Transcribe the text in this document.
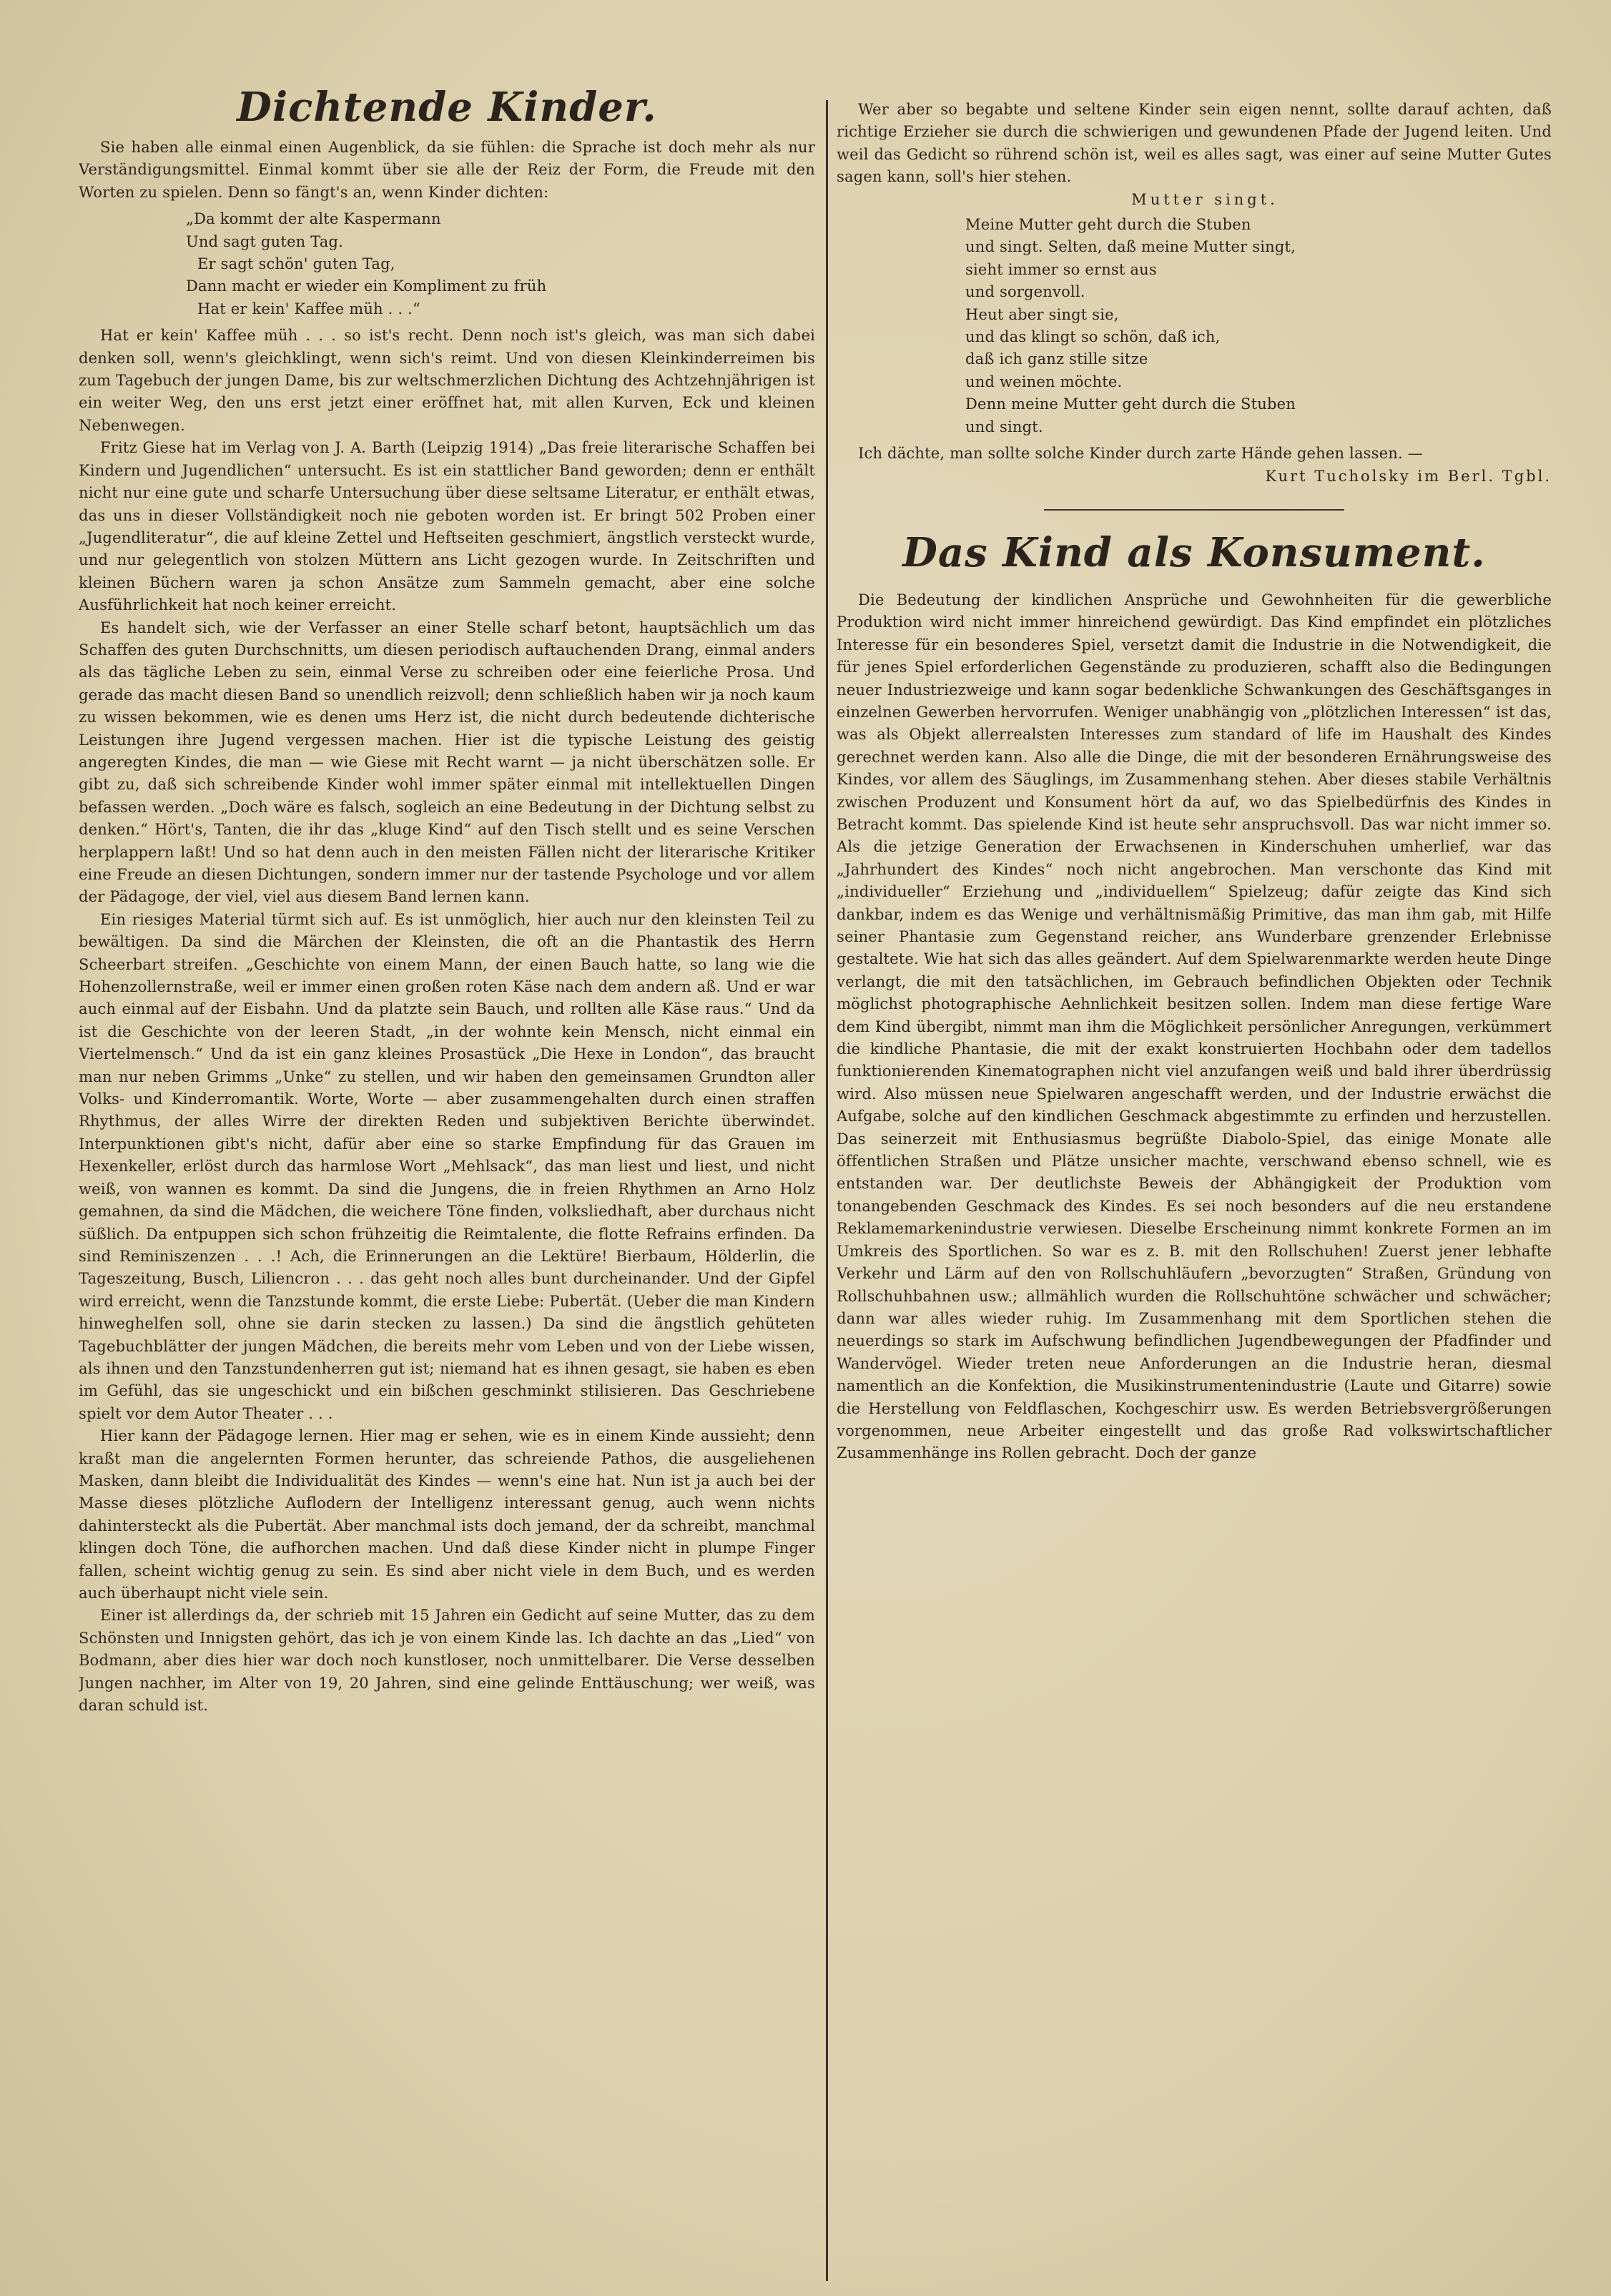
Dichtende Kinder.

Sie haben alle einmal einen Augenblick, da sie fühlen: die Sprache ist doch mehr als nur Verständigungsmittel. Einmal kommt über sie alle der Reiz der Form, die Freude mit den Worten zu spielen. Denn so fängt's an, wenn Kinder dichten:

„Da kommt der alte Kaspermann
Und sagt guten Tag.
Er sagt schön' guten Tag,
Dann macht er wieder ein Kompliment zu früh
Hat er kein' Kaffee müh . . .“

Hat er kein' Kaffee müh . . . so ist's recht. Denn noch ist's gleich, was man sich dabei denken soll, wenn's gleichklingt, wenn sich's reimt. Und von diesen Kleinkinderreimen bis zum Tagebuch der jungen Dame, bis zur weltschmerzlichen Dichtung des Achtzehnjährigen ist ein weiter Weg, den uns erst jetzt einer eröffnet hat, mit allen Kurven, Eck und kleinen Nebenwegen.

Fritz Giese hat im Verlag von J. A. Barth (Leipzig 1914) „Das freie literarische Schaffen bei Kindern und Jugendlichen“ untersucht. Es ist ein stattlicher Band geworden; denn er enthält nicht nur eine gute und scharfe Untersuchung über diese seltsame Literatur, er enthält etwas, das uns in dieser Vollständigkeit noch nie geboten worden ist. Er bringt 502 Proben einer „Jugendliteratur“, die auf kleine Zettel und Heftseiten geschmiert, ängstlich versteckt wurde, und nur gelegentlich von stolzen Müttern ans Licht gezogen wurde. In Zeitschriften und kleinen Büchern waren ja schon Ansätze zum Sammeln gemacht, aber eine solche Ausführlichkeit hat noch keiner erreicht.

Es handelt sich, wie der Verfasser an einer Stelle scharf betont, hauptsächlich um das Schaffen des guten Durchschnitts, um diesen periodisch auftauchenden Drang, einmal anders als das tägliche Leben zu sein, einmal Verse zu schreiben oder eine feierliche Prosa. Und gerade das macht diesen Band so unendlich reizvoll; denn schließlich haben wir ja noch kaum zu wissen bekommen, wie es denen ums Herz ist, die nicht durch bedeutende dichterische Leistungen ihre Jugend vergessen machen. Hier ist die typische Leistung des geistig angeregten Kindes, die man — wie Giese mit Recht warnt — ja nicht überschätzen solle. Er gibt zu, daß sich schreibende Kinder wohl immer später einmal mit intellektuellen Dingen befassen werden. „Doch wäre es falsch, sogleich an eine Bedeutung in der Dichtung selbst zu denken.“ Hört's, Tanten, die ihr das „kluge Kind“ auf den Tisch stellt und es seine Verschen herplappern laßt! Und so hat denn auch in den meisten Fällen nicht der literarische Kritiker eine Freude an diesen Dichtungen, sondern immer nur der tastende Psychologe und vor allem der Pädagoge, der viel, viel aus diesem Band lernen kann.

Ein riesiges Material türmt sich auf. Es ist unmöglich, hier auch nur den kleinsten Teil zu bewältigen. Da sind die Märchen der Kleinsten, die oft an die Phantastik des Herrn Scheerbart streifen. „Geschichte von einem Mann, der einen Bauch hatte, so lang wie die Hohenzollernstraße, weil er immer einen großen roten Käse nach dem andern aß. Und er war auch einmal auf der Eisbahn. Und da platzte sein Bauch, und rollten alle Käse raus.“ Und da ist die Geschichte von der leeren Stadt, „in der wohnte kein Mensch, nicht einmal ein Viertelmensch.“ Und da ist ein ganz kleines Prosastück „Die Hexe in London“, das braucht man nur neben Grimms „Unke“ zu stellen, und wir haben den gemeinsamen Grundton aller Volks- und Kinderromantik. Worte, Worte — aber zusammengehalten durch einen straffen Rhythmus, der alles Wirre der direkten Reden und subjektiven Berichte überwindet. Interpunktionen gibt's nicht, dafür aber eine so starke Empfindung für das Grauen im Hexenkeller, erlöst durch das harmlose Wort „Mehlsack“, das man liest und liest, und nicht weiß, von wannen es kommt. Da sind die Jungens, die in freien Rhythmen an Arno Holz gemahnen, da sind die Mädchen, die weichere Töne finden, volksliedhaft, aber durchaus nicht süßlich. Da entpuppen sich schon frühzeitig die Reimtalente, die flotte Refrains erfinden. Da sind Reminiszenzen . . .! Ach, die Erinnerungen an die Lektüre! Bierbaum, Hölderlin, die Tageszeitung, Busch, Liliencron . . . das geht noch alles bunt durcheinander. Und der Gipfel wird erreicht, wenn die Tanzstunde kommt, die erste Liebe: Pubertät. (Ueber die man Kindern hinweghelfen soll, ohne sie darin stecken zu lassen.) Da sind die ängstlich gehüteten Tagebuchblätter der jungen Mädchen, die bereits mehr vom Leben und von der Liebe wissen, als ihnen und den Tanzstundenherren gut ist; niemand hat es ihnen gesagt, sie haben es eben im Gefühl, das sie ungeschickt und ein bißchen geschminkt stilisieren. Das Geschriebene spielt vor dem Autor Theater . . .

Hier kann der Pädagoge lernen. Hier mag er sehen, wie es in einem Kinde aussieht; denn kraßt man die angelernten Formen herunter, das schreiende Pathos, die ausgeliehenen Masken, dann bleibt die Individualität des Kindes — wenn's eine hat. Nun ist ja auch bei der Masse dieses plötzliche Auflodern der Intelligenz interessant genug, auch wenn nichts dahintersteckt als die Pubertät. Aber manchmal ists doch jemand, der da schreibt, manchmal klingen doch Töne, die aufhorchen machen. Und daß diese Kinder nicht in plumpe Finger fallen, scheint wichtig genug zu sein. Es sind aber nicht viele in dem Buch, und es werden auch überhaupt nicht viele sein.

Einer ist allerdings da, der schrieb mit 15 Jahren ein Gedicht auf seine Mutter, das zu dem Schönsten und Innigsten gehört, das ich je von einem Kinde las. Ich dachte an das „Lied“ von Bodmann, aber dies hier war doch noch kunstloser, noch unmittelbarer. Die Verse desselben Jungen nachher, im Alter von 19, 20 Jahren, sind eine gelinde Enttäuschung; wer weiß, was daran schuld ist.

Wer aber so begabte und seltene Kinder sein eigen nennt, sollte darauf achten, daß richtige Erzieher sie durch die schwierigen und gewundenen Pfade der Jugend leiten. Und weil das Gedicht so rührend schön ist, weil es alles sagt, was einer auf seine Mutter Gutes sagen kann, soll's hier stehen.

Mutter singt.

Meine Mutter geht durch die Stuben
und singt. Selten, daß meine Mutter singt,
sieht immer so ernst aus
und sorgenvoll.
Heut aber singt sie,
und das klingt so schön, daß ich,
daß ich ganz stille sitze
und weinen möchte.
Denn meine Mutter geht durch die Stuben
und singt.

Ich dächte, man sollte solche Kinder durch zarte Hände gehen lassen. —

Kurt Tucholsky im Berl. Tgbl.

Das Kind als Konsument.

Die Bedeutung der kindlichen Ansprüche und Gewohnheiten für die gewerbliche Produktion wird nicht immer hinreichend gewürdigt. Das Kind empfindet ein plötzliches Interesse für ein besonderes Spiel, versetzt damit die Industrie in die Notwendigkeit, die für jenes Spiel erforderlichen Gegenstände zu produzieren, schafft also die Bedingungen neuer Industriezweige und kann sogar bedenkliche Schwankungen des Geschäftsganges in einzelnen Gewerben hervorrufen. Weniger unabhängig von „plötzlichen Interessen“ ist das, was als Objekt allerrealsten Interesses zum standard of life im Haushalt des Kindes gerechnet werden kann. Also alle die Dinge, die mit der besonderen Ernährungsweise des Kindes, vor allem des Säuglings, im Zusammenhang stehen. Aber dieses stabile Verhältnis zwischen Produzent und Konsument hört da auf, wo das Spielbedürfnis des Kindes in Betracht kommt. Das spielende Kind ist heute sehr anspruchsvoll. Das war nicht immer so. Als die jetzige Generation der Erwachsenen in Kinderschuhen umherlief, war das „Jahrhundert des Kindes“ noch nicht angebrochen. Man verschonte das Kind mit „individueller“ Erziehung und „individuellem“ Spielzeug; dafür zeigte das Kind sich dankbar, indem es das Wenige und verhältnismäßig Primitive, das man ihm gab, mit Hilfe seiner Phantasie zum Gegenstand reicher, ans Wunderbare grenzender Erlebnisse gestaltete. Wie hat sich das alles geändert. Auf dem Spielwarenmarkte werden heute Dinge verlangt, die mit den tatsächlichen, im Gebrauch befindlichen Objekten oder Technik möglichst photographische Aehnlichkeit besitzen sollen. Indem man diese fertige Ware dem Kind übergibt, nimmt man ihm die Möglichkeit persönlicher Anregungen, verkümmert die kindliche Phantasie, die mit der exakt konstruierten Hochbahn oder dem tadellos funktionierenden Kinematographen nicht viel anzufangen weiß und bald ihrer überdrüssig wird. Also müssen neue Spielwaren angeschafft werden, und der Industrie erwächst die Aufgabe, solche auf den kindlichen Geschmack abgestimmte zu erfinden und herzustellen. Das seinerzeit mit Enthusiasmus begrüßte Diabolo-Spiel, das einige Monate alle öffentlichen Straßen und Plätze unsicher machte, verschwand ebenso schnell, wie es entstanden war. Der deutlichste Beweis der Abhängigkeit der Produktion vom tonangebenden Geschmack des Kindes. Es sei noch besonders auf die neu erstandene Reklamemarkenindustrie verwiesen. Dieselbe Erscheinung nimmt konkrete Formen an im Umkreis des Sportlichen. So war es z. B. mit den Rollschuhen! Zuerst jener lebhafte Verkehr und Lärm auf den von Rollschuhläufern „bevorzugten“ Straßen, Gründung von Rollschuhbahnen usw.; allmählich wurden die Rollschuhtöne schwächer und schwächer; dann war alles wieder ruhig. Im Zusammenhang mit dem Sportlichen stehen die neuerdings so stark im Aufschwung befindlichen Jugendbewegungen der Pfadfinder und Wandervögel. Wieder treten neue Anforderungen an die Industrie heran, diesmal namentlich an die Konfektion, die Musikinstrumentenindustrie (Laute und Gitarre) sowie die Herstellung von Feldflaschen, Kochgeschirr usw. Es werden Betriebsvergrößerungen vorgenommen, neue Arbeiter eingestellt und das große Rad volkswirtschaftlicher Zusammenhänge ins Rollen gebracht. Doch der ganze
